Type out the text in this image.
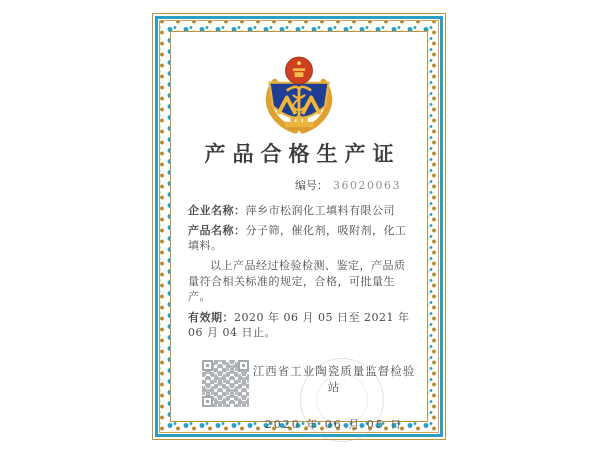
产品合格生产证
编号： 36020063

企业名称：萍乡市松润化工填料有限公司

产品名称：分子筛，催化剂，吸附剂，化工填料。

以上产品经过检验检测、鉴定，产品质量符合相关标准的规定，合格，可批量生产。

有效期：2020 年 06 月 05 日至 2021 年 06 月 04 日止。

江西省工业陶瓷质量监督检验站
2020 年 06 月 05 日
